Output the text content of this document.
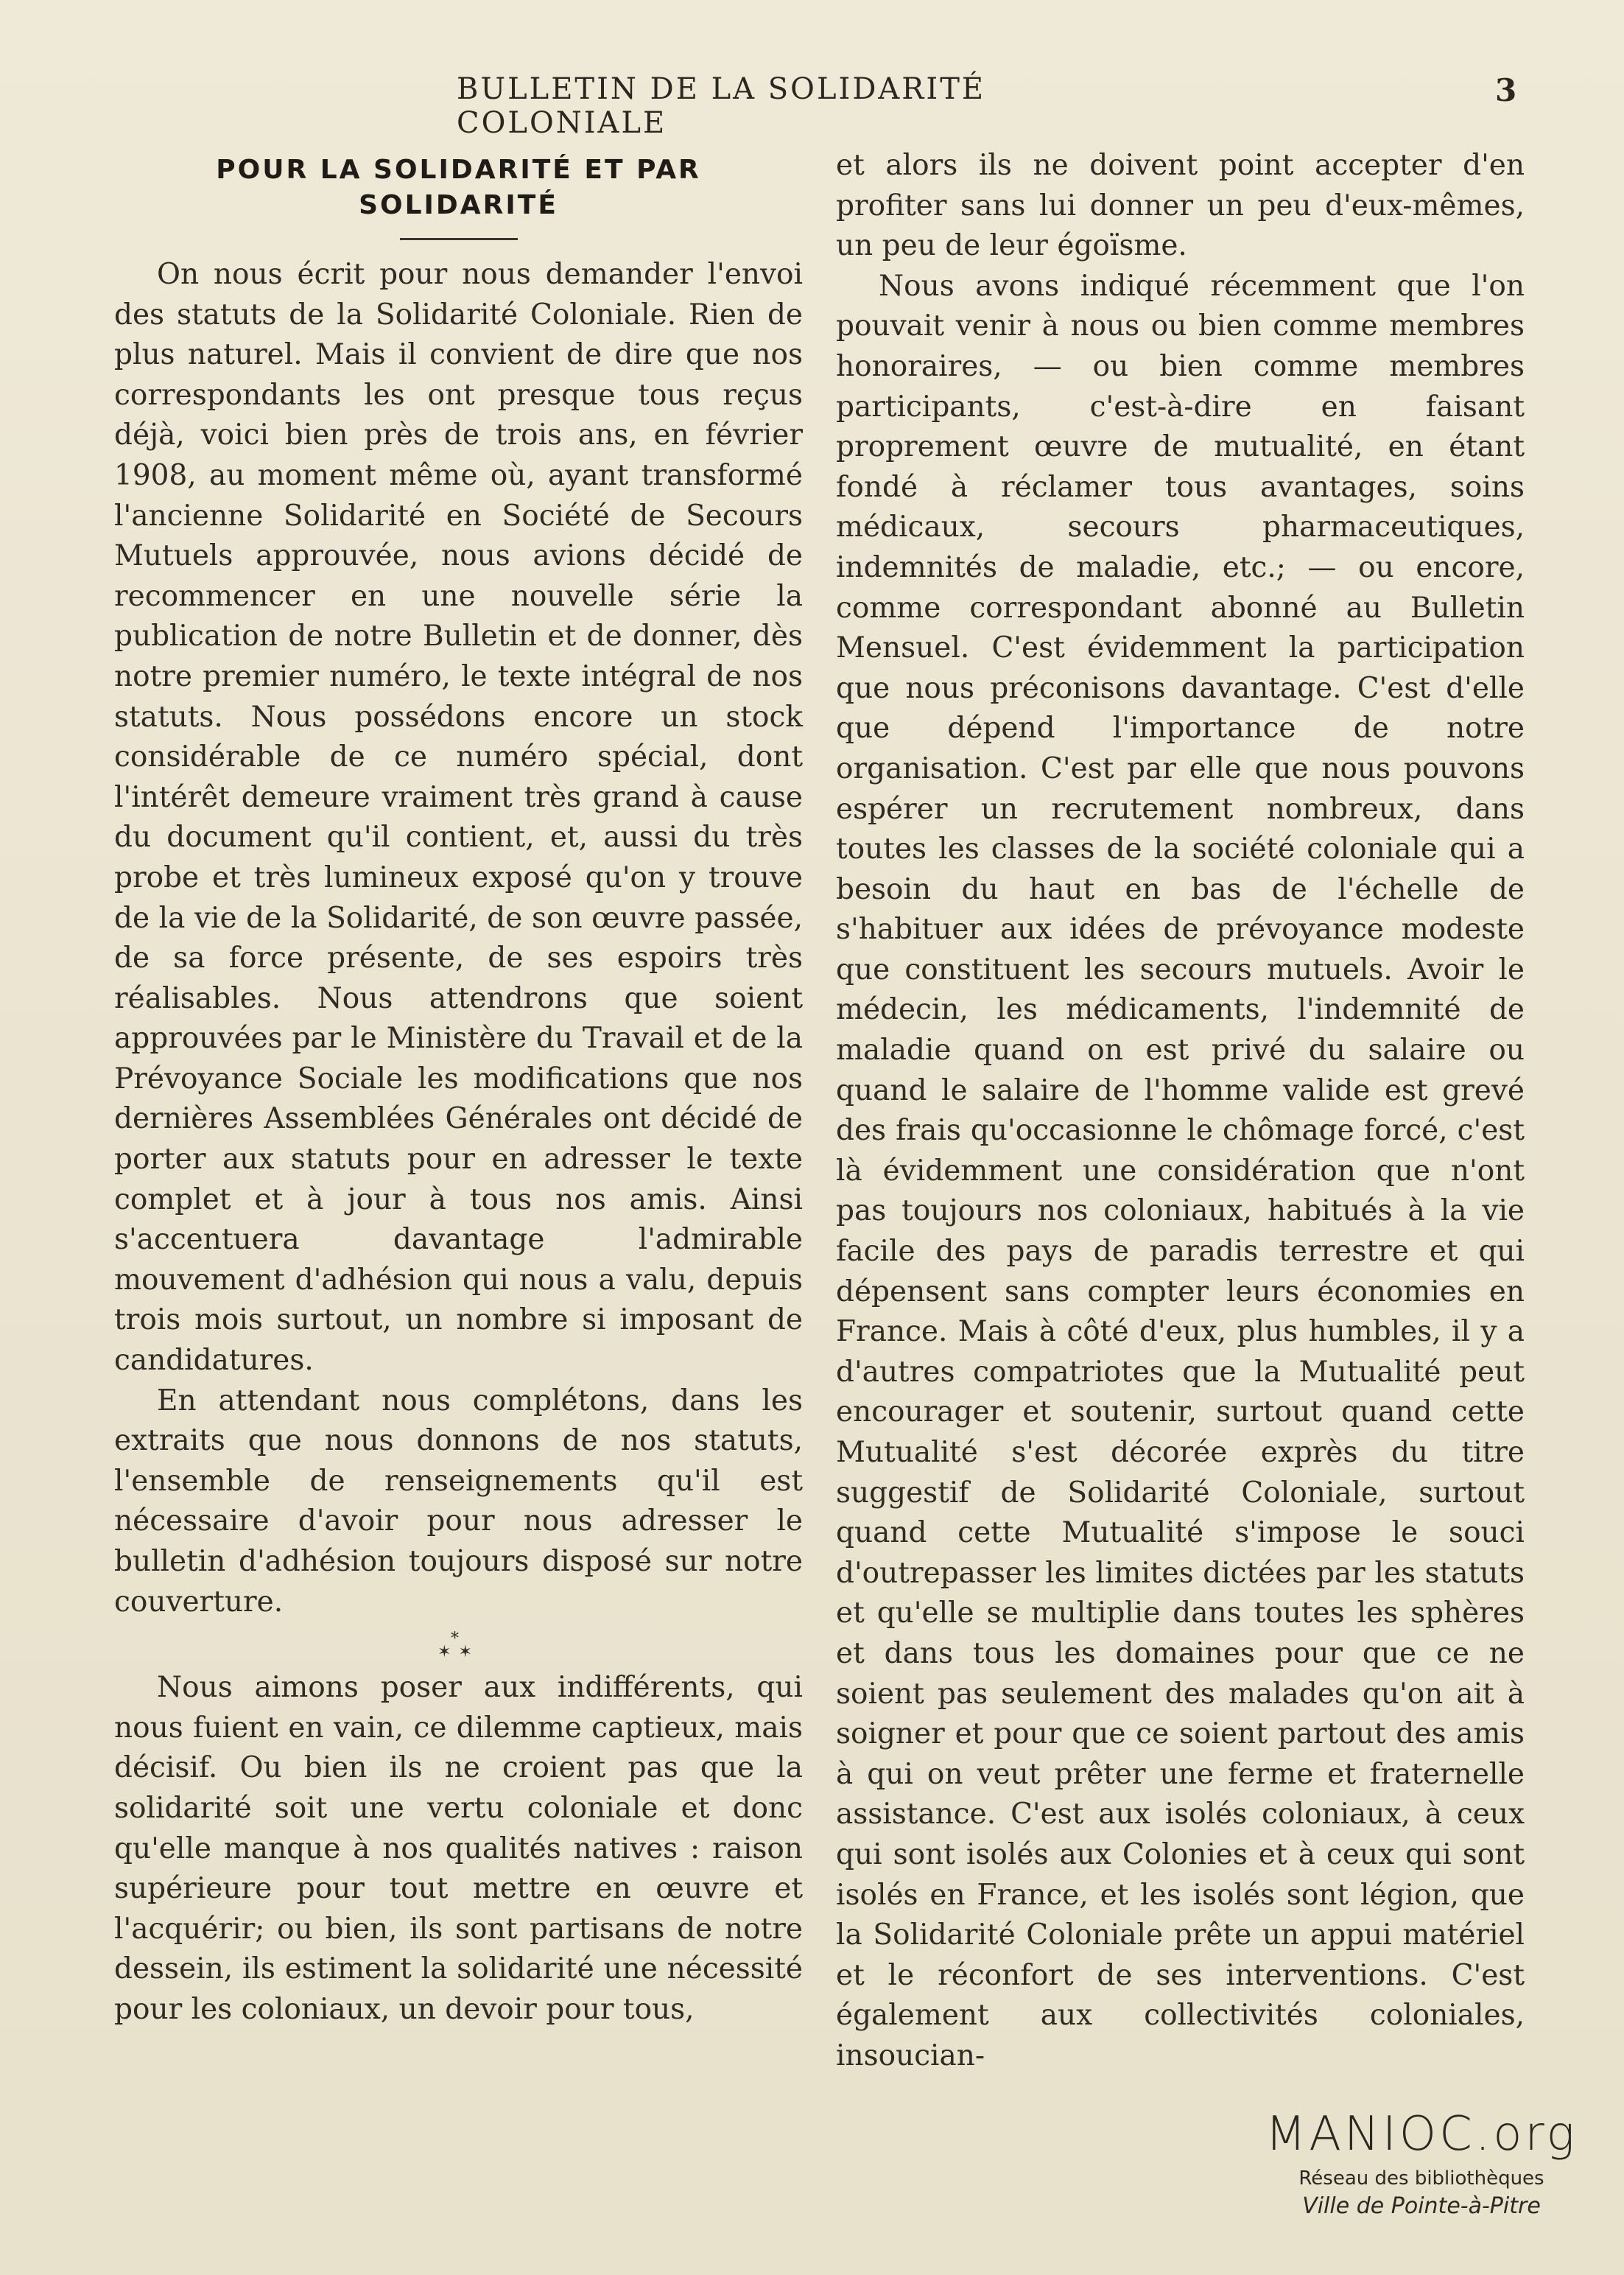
BULLETIN DE LA SOLIDARITÉ COLONIALE
3
POUR LA SOLIDARITÉ ET PAR SOLIDARITÉ

On nous écrit pour nous demander l'envoi des statuts de la Solidarité Coloniale. Rien de plus naturel. Mais il convient de dire que nos correspondants les ont presque tous reçus déjà, voici bien près de trois ans, en février 1908, au moment même où, ayant transformé l'ancienne Solidarité en Société de Secours Mutuels approuvée, nous avions décidé de recommencer en une nouvelle série la publication de notre Bulletin et de donner, dès notre premier numéro, le texte intégral de nos statuts. Nous possédons encore un stock considérable de ce numéro spécial, dont l'intérêt demeure vraiment très grand à cause du document qu'il contient, et, aussi du très probe et très lumineux exposé qu'on y trouve de la vie de la Solidarité, de son œuvre passée, de sa force présente, de ses espoirs très réalisables. Nous attendrons que soient approuvées par le Ministère du Travail et de la Prévoyance Sociale les modifications que nos dernières Assemblées Générales ont décidé de porter aux statuts pour en adresser le texte complet et à jour à tous nos amis. Ainsi s'accentuera davantage l'admirable mouvement d'adhésion qui nous a valu, depuis trois mois surtout, un nombre si imposant de candidatures.

En attendant nous complétons, dans les extraits que nous donnons de nos statuts, l'ensemble de renseignements qu'il est nécessaire d'avoir pour nous adresser le bulletin d'adhésion toujours disposé sur notre couverture.

*
✶✶

Nous aimons poser aux indifférents, qui nous fuient en vain, ce dilemme captieux, mais décisif. Ou bien ils ne croient pas que la solidarité soit une vertu coloniale et donc qu'elle manque à nos qualités natives : raison supérieure pour tout mettre en œuvre et l'acquérir; ou bien, ils sont partisans de notre dessein, ils estiment la solidarité une nécessité pour les coloniaux, un devoir pour tous,

et alors ils ne doivent point accepter d'en profiter sans lui donner un peu d'eux-mêmes, un peu de leur égoïsme.

Nous avons indiqué récemment que l'on pouvait venir à nous ou bien comme membres honoraires, — ou bien comme membres participants, c'est-à-dire en faisant proprement œuvre de mutualité, en étant fondé à réclamer tous avantages, soins médicaux, secours pharmaceutiques, indemnités de maladie, etc.; — ou encore, comme correspondant abonné au Bulletin Mensuel. C'est évidemment la participation que nous préconisons davantage. C'est d'elle que dépend l'importance de notre organisation. C'est par elle que nous pouvons espérer un recrutement nombreux, dans toutes les classes de la société coloniale qui a besoin du haut en bas de l'échelle de s'habituer aux idées de prévoyance modeste que constituent les secours mutuels. Avoir le médecin, les médicaments, l'indemnité de maladie quand on est privé du salaire ou quand le salaire de l'homme valide est grevé des frais qu'occasionne le chômage forcé, c'est là évidemment une considération que n'ont pas toujours nos coloniaux, habitués à la vie facile des pays de paradis terrestre et qui dépensent sans compter leurs économies en France. Mais à côté d'eux, plus humbles, il y a d'autres compatriotes que la Mutualité peut encourager et soutenir, surtout quand cette Mutualité s'est décorée exprès du titre suggestif de Solidarité Coloniale, surtout quand cette Mutualité s'impose le souci d'outrepasser les limites dictées par les statuts et qu'elle se multiplie dans toutes les sphères et dans tous les domaines pour que ce ne soient pas seulement des malades qu'on ait à soigner et pour que ce soient partout des amis à qui on veut prêter une ferme et fraternelle assistance. C'est aux isolés coloniaux, à ceux qui sont isolés aux Colonies et à ceux qui sont isolés en France, et les isolés sont légion, que la Solidarité Coloniale prête un appui matériel et le réconfort de ses interventions. C'est également aux collectivités coloniales, insoucian-

MANIOC.org
Réseau des bibliothèques
Ville de Pointe-à-Pitre
